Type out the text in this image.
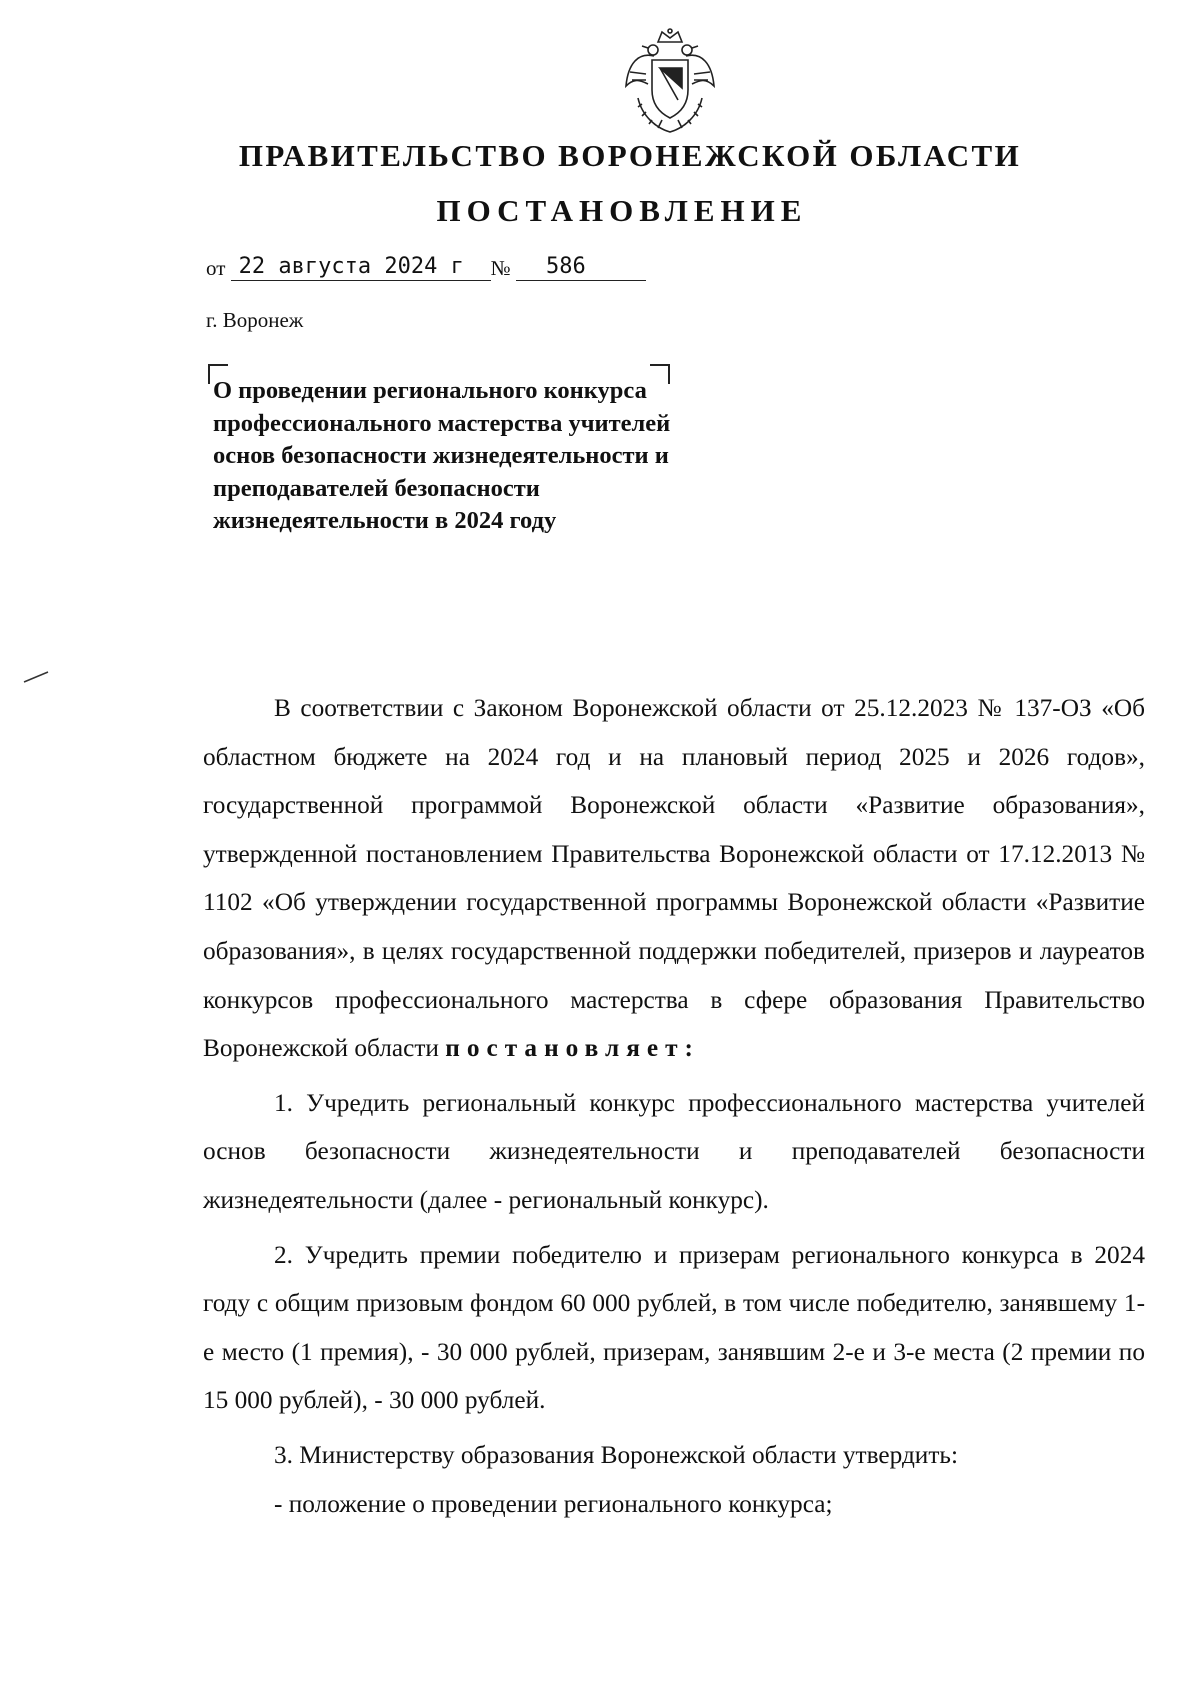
ПРАВИТЕЛЬСТВО ВОРОНЕЖСКОЙ ОБЛАСТИ
ПОСТАНОВЛЕНИЕ
от 22 августа 2024 г № 586
г. Воронеж
О проведении регионального конкурса профессионального мастерства учителей основ безопасности жизнедеятельности и преподавателей безопасности жизнедеятельности в 2024 году

В соответствии с Законом Воронежской области от 25.12.2023 № 137-ОЗ «Об областном бюджете на 2024 год и на плановый период 2025 и 2026 годов», государственной программой Воронежской области «Развитие образования», утвержденной постановлением Правительства Воронежской области от 17.12.2013 № 1102 «Об утверждении государственной программы Воронежской области «Развитие образования», в целях государственной поддержки победителей, призеров и лауреатов конкурсов профессионального мастерства в сфере образования Правительство Воронежской области постановляет:

1. Учредить региональный конкурс профессионального мастерства учителей основ безопасности жизнедеятельности и преподавателей безопасности жизнедеятельности (далее - региональный конкурс).

2. Учредить премии победителю и призерам регионального конкурса в 2024 году с общим призовым фондом 60 000 рублей, в том числе победителю, занявшему 1-е место (1 премия), - 30 000 рублей, призерам, занявшим 2-е и 3-е места (2 премии по 15 000 рублей), - 30 000 рублей.

3. Министерству образования Воронежской области утвердить:

- положение о проведении регионального конкурса;
